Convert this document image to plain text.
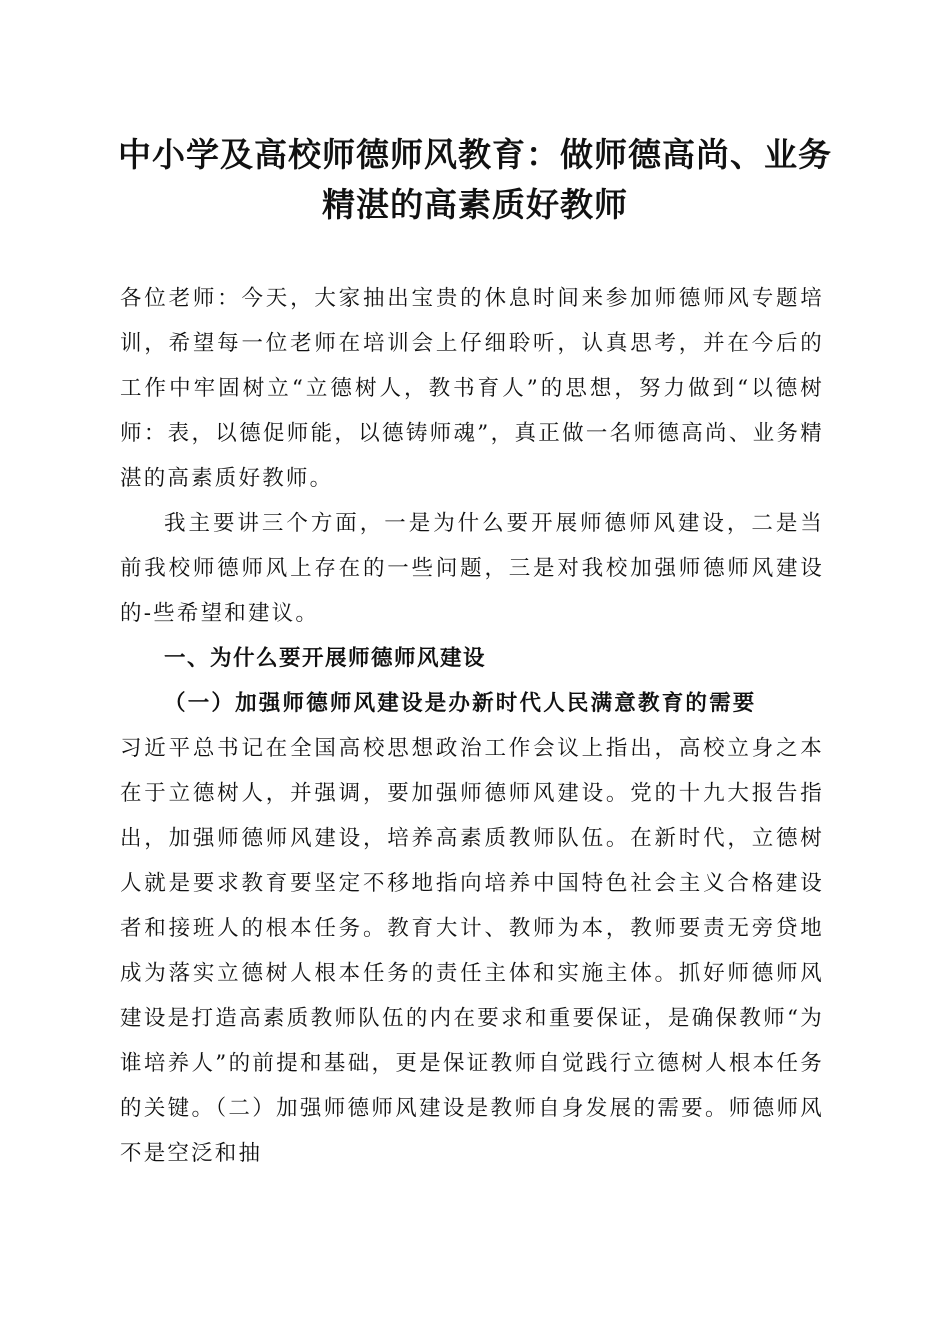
中小学及高校师德师风教育：做师德高尚、业务精湛的高素质好教师

各位老师：今天，大家抽出宝贵的休息时间来参加师德师风专题培训，希望每一位老师在培训会上仔细聆听，认真思考，并在今后的工作中牢固树立“立德树人，教书育人”的思想，努力做到“以德树师：表，以德促师能，以德铸师魂”，真正做一名师德高尚、业务精湛的高素质好教师。

我主要讲三个方面，一是为什么要开展师德师风建设，二是当前我校师德师风上存在的一些问题，三是对我校加强师德师风建设的-些希望和建议。

一、为什么要开展师德师风建设

（一）加强师德师风建设是办新时代人民满意教育的需要

习近平总书记在全国高校思想政治工作会议上指出，高校立身之本在于立德树人，并强调，要加强师德师风建设。党的十九大报告指出，加强师德师风建设，培养高素质教师队伍。在新时代，立德树人就是要求教育要坚定不移地指向培养中国特色社会主义合格建设者和接班人的根本任务。教育大计、教师为本，教师要责无旁贷地成为落实立德树人根本任务的责任主体和实施主体。抓好师德师风建设是打造高素质教师队伍的内在要求和重要保证，是确保教师“为谁培养人”的前提和基础，更是保证教师自觉践行立德树人根本任务的关键。（二）加强师德师风建设是教师自身发展的需要。师德师风不是空泛和抽
